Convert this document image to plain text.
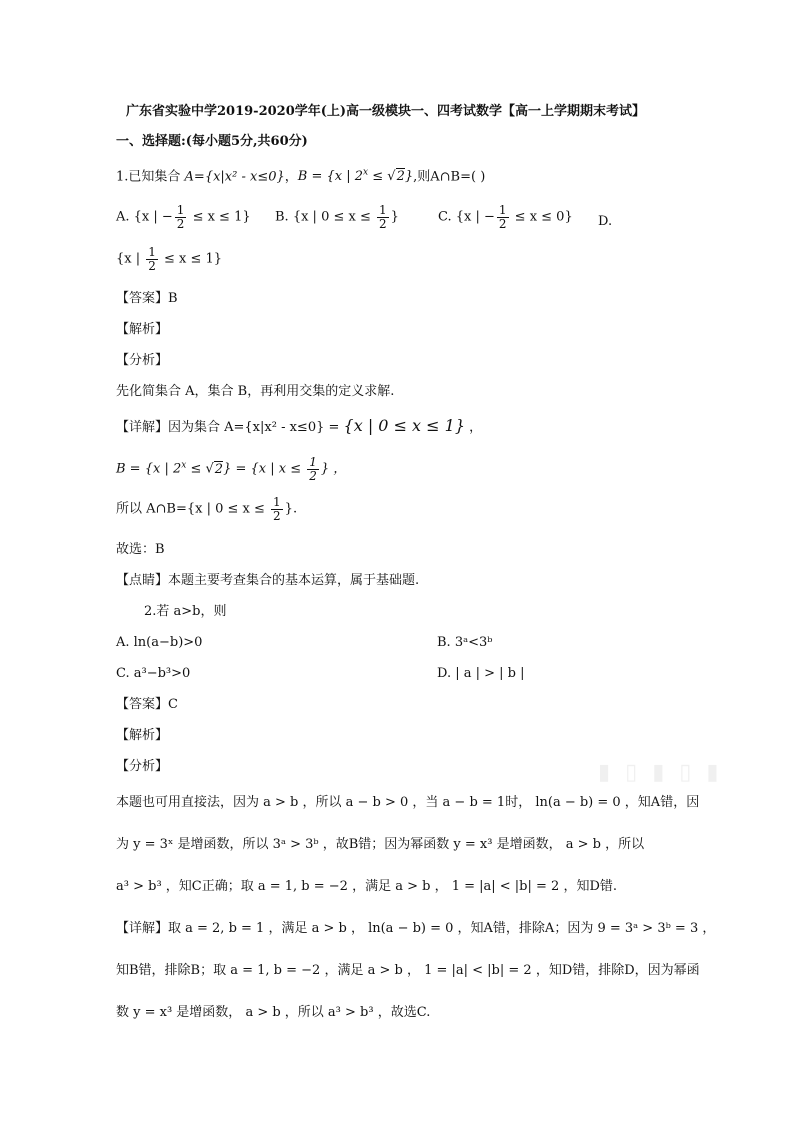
广东省实验中学2019-2020学年(上)高一级模块一、四考试数学【高一上学期期末考试】
一、选择题:(每小题5分,共60分)
1.已知集合 A={x|x² - x≤0}，B = {x | $2^x \le √2$},则A∩B=( )
A. {x | − $\frac{1}{2} \le x \le 1$} B. {x | $0 \le x \le \frac{1}{2}$ }	C. {x | − $\frac{1}{2} \le x \le 0$} D.
{x | $\frac{1}{2} \le x \le 1$}
【答案】B
【解析】
【分析】
先化简集合 A，集合 B，再利用交集的定义求解.
【详解】因为集合 A={x|x² - x≤0} = {x | 0 ≤ x ≤ 1} ，
B = {x | $2^x \le √2\} = \{x$ | $x \le \frac{1}{2}$ } ，
所以 A∩B={x | $0 \le x \le \frac{1}{2}$ }.
故选：B
【点睛】本题主要考查集合的基本运算，属于基础题.
2.若 a>b，则
A. ln(a−b)>0	B. 3ᵃ<3ᵇ
C. a³−b³>0	D. | a | > | b |
【答案】C
【解析】
【分析】
本题也可用直接法，因为 a > b ，所以 a − b > 0 ，当 a − b = 1时， ln(a − b) = 0 ，知A错，因
为 y = 3ˣ 是增函数，所以 3ᵃ > 3ᵇ ，故B错；因为幂函数 y = x³ 是增函数， a > b ，所以
a³ > b³ ，知C正确；取 a = 1, b = −2 ，满足 a > b ， 1 = |a| < |b| = 2 ，知D错.
【详解】取 a = 2, b = 1 ，满足 a > b ， ln(a − b) = 0 ，知A错，排除A；因为 9 = 3ᵃ > 3ᵇ = 3 ，
知B错，排除B；取 a = 1, b = −2 ，满足 a > b ， 1 = |a| < |b| = 2 ，知D错，排除D，因为幂函
数 y = x³ 是增函数， a > b ，所以 a³ > b³ ，故选C.
▮ ▯ ▮ ▯ ▮
